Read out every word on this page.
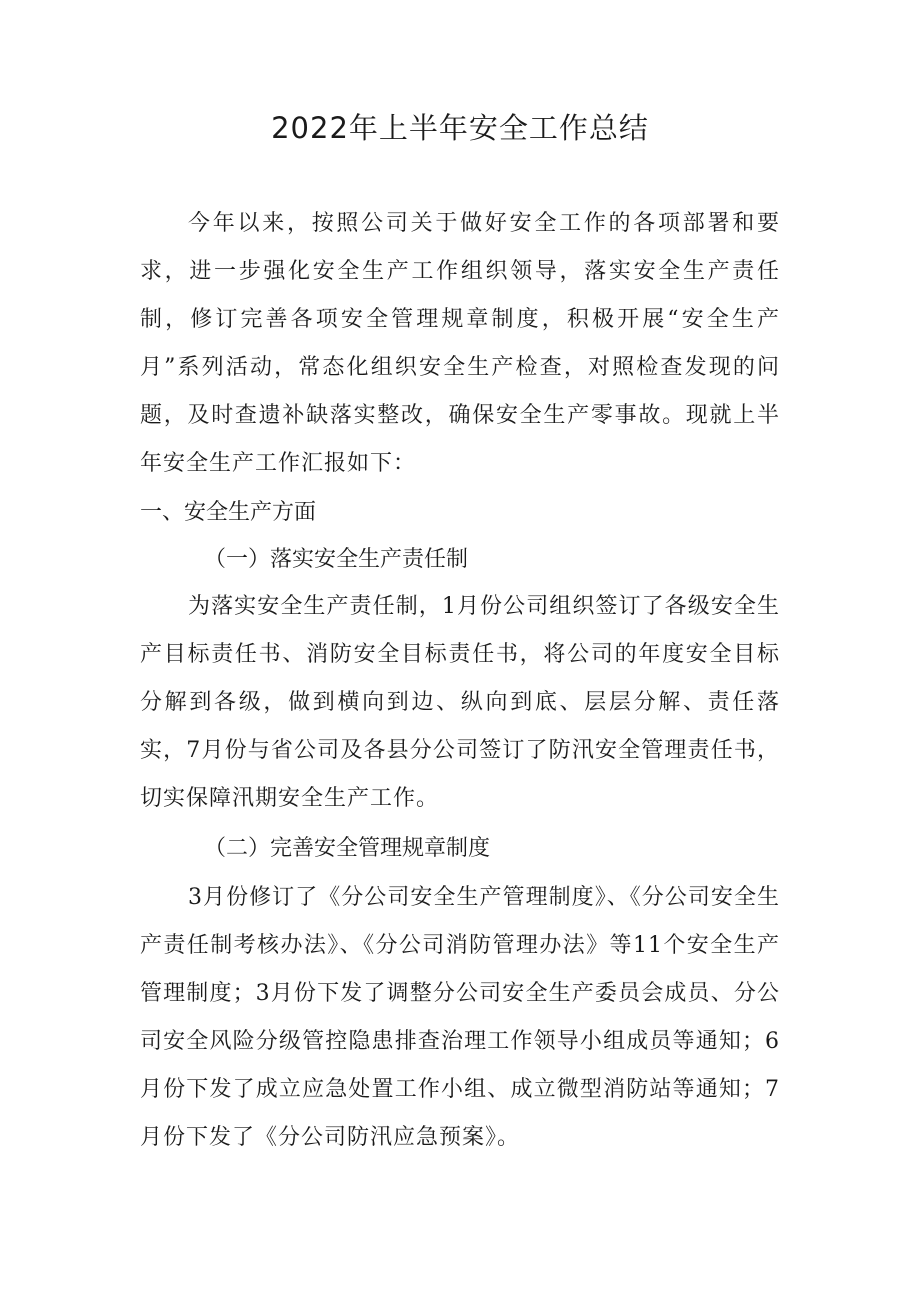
2022年上半年安全工作总结

今年以来，按照公司关于做好安全工作的各项部署和要求，进一步强化安全生产工作组织领导，落实安全生产责任制，修订完善各项安全管理规章制度，积极开展“安全生产月”系列活动，常态化组织安全生产检查，对照检查发现的问题，及时查遗补缺落实整改，确保安全生产零事故。现就上半年安全生产工作汇报如下：

一、安全生产方面
（一）落实安全生产责任制

为落实安全生产责任制，1月份公司组织签订了各级安全生产目标责任书、消防安全目标责任书，将公司的年度安全目标分解到各级，做到横向到边、纵向到底、层层分解、责任落实，7月份与省公司及各县分公司签订了防汛安全管理责任书，切实保障汛期安全生产工作。

（二）完善安全管理规章制度

3月份修订了《分公司安全生产管理制度》、《分公司安全生产责任制考核办法》、《分公司消防管理办法》等11个安全生产管理制度；3月份下发了调整分公司安全生产委员会成员、分公司安全风险分级管控隐患排查治理工作领导小组成员等通知；6月份下发了成立应急处置工作小组、成立微型消防站等通知；7月份下发了《分公司防汛应急预案》。
